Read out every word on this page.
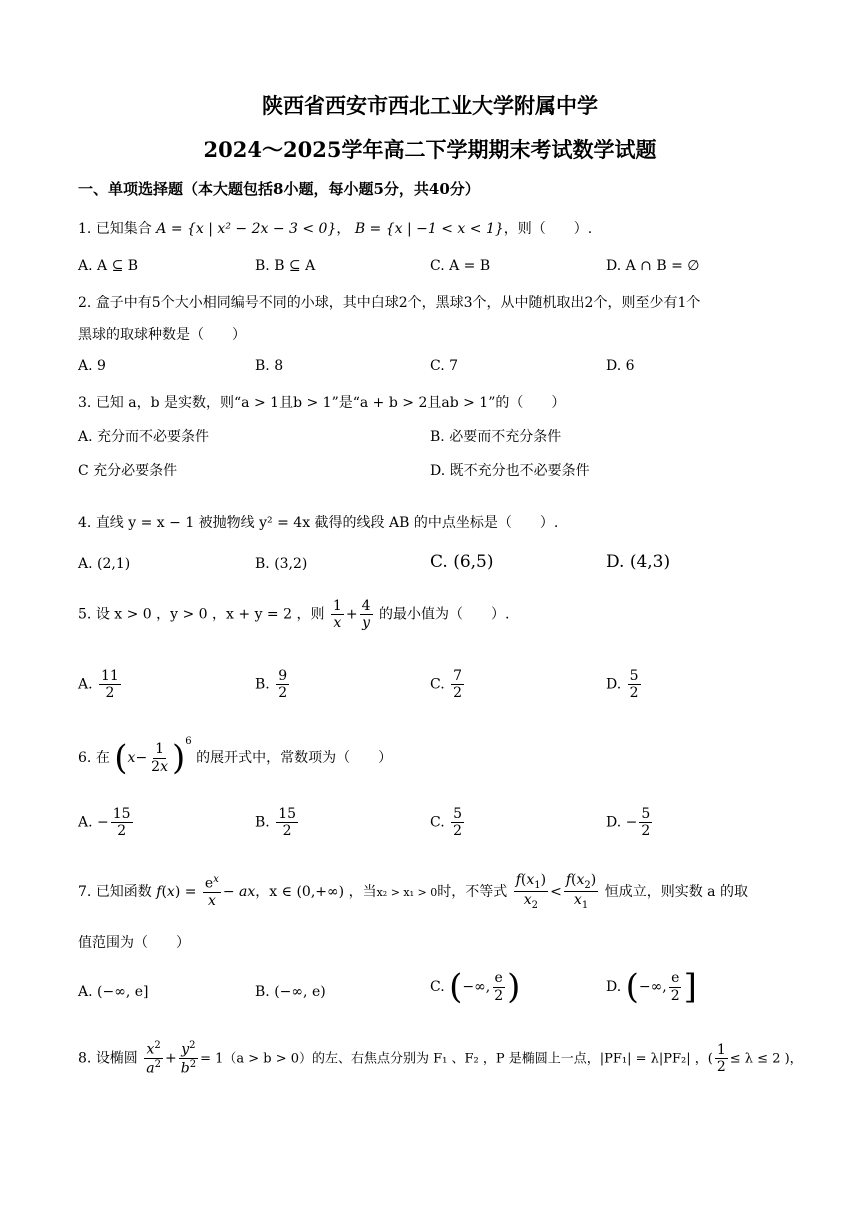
陕西省西安市西北工业大学附属中学
2024～2025学年高二下学期期末考试数学试题
一、单项选择题（本大题包括8小题，每小题5分，共40分）
1. 已知集合 A = {x | x² − 2x − 3 < 0}， B = {x | −1 < x < 1}，则（　　）.
A. A ⊆ B	B. B ⊆ A	C. A = B	D. A ∩ B = ∅
2. 盒子中有5个大小相同编号不同的小球，其中白球2个，黑球3个，从中随机取出2个，则至少有1个
黑球的取球种数是（　　）
A. 9	B. 8	C. 7	D. 6
3. 已知 a，b 是实数，则“a > 1且b > 1”是“a + b > 2且ab > 1”的（　　）
A. 充分而不必要条件	B. 必要而不充分条件
C 充分必要条件	D. 既不充分也不必要条件
4. 直线 y = x − 1 被抛物线 y² = 4x 截得的线段 AB 的中点坐标是（　　）.
A. (2,1)	B. (3,2)	C. (6,5)	D. (4,3)
5. 设 x > 0 ，y > 0 ，x + y = 2 ，则 $\frac{1}{x} + \frac{4}{y}$ 的最小值为（　　）.
A. $\frac{11}{2}$	B. $\frac{9}{2}$	C. $\frac{7}{2}$	D. $\frac{5}{2}$
6. 在 $(x- \frac{1}{2x} )^6$ 的展开式中，常数项为（　　）
A. − $\frac{15}{2}$	B. $\frac{15}{2}$	C. $\frac{5}{2}$	D. − $\frac{5}{2}$
7. 已知函数 $f(x) = \frac{e^x}{x}$ − ax，x ∈ (0,+∞) ，当x₂ > x₁ > 0时，不等式 $\frac{f(x_1)}{x_2} < \frac{f(x_2)}{x_1}$ 恒成立，则实数 a 的取
值范围为（　　）
A. (−∞, e]	B. (−∞, e)	C. (−∞, $\frac{e}{2}$ )	D. (−∞, $\frac{e}{2}$ ]
8. 设椭圆 $\frac{x^2}{a^2} + \frac{y^2}{b^2} = 1(a > b > 0)$的左、右焦点分别为 F₁ 、F₂ ，P 是椭圆上一点，|PF₁| = λ|PF₂| ，( $\frac{1}{2} \le \lambda \le 2$ )，
